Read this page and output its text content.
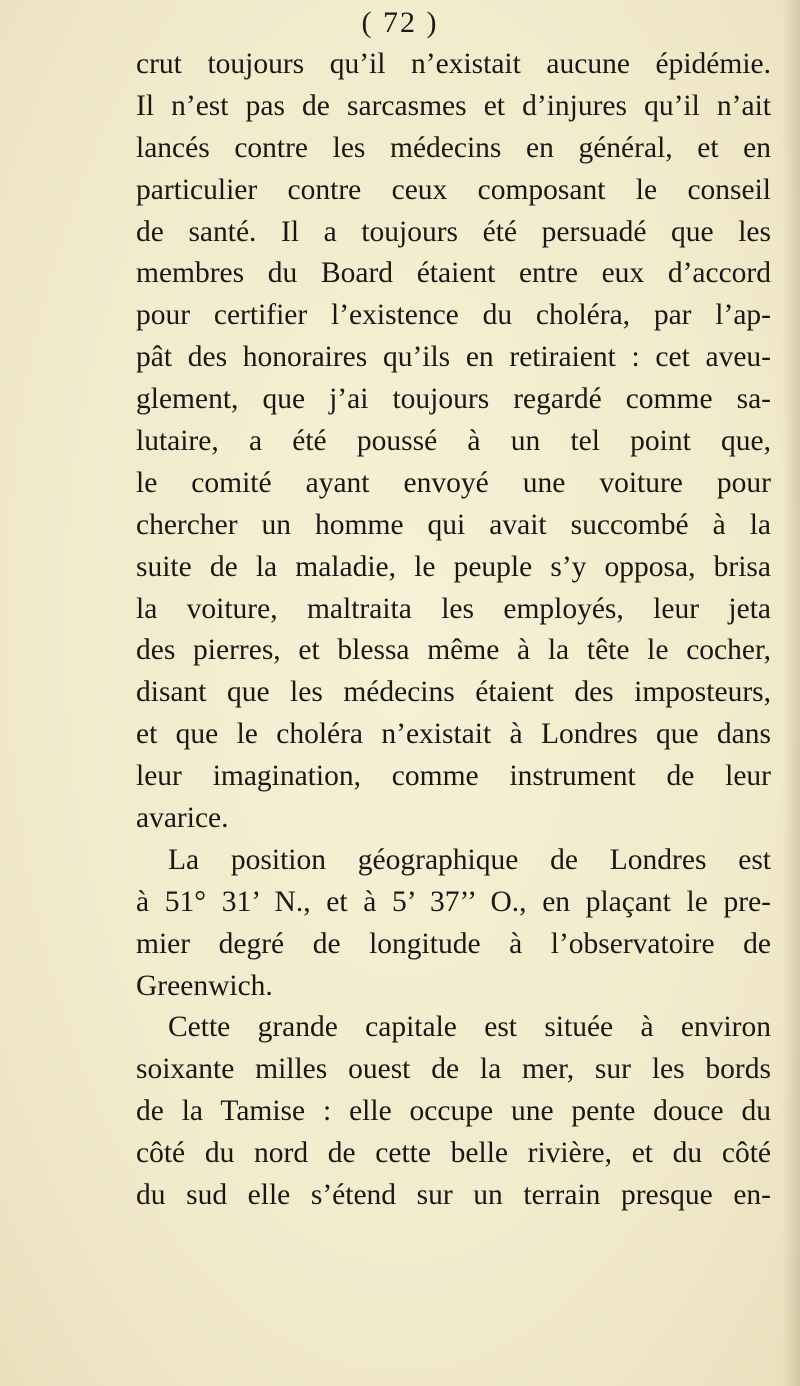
( 72 )
crut toujours qu’il n’existait aucune épidémie.
Il n’est pas de sarcasmes et d’injures qu’il n’ait
lancés contre les médecins en général, et en
particulier contre ceux composant le conseil
de santé. Il a toujours été persuadé que les
membres du Board étaient entre eux d’accord
pour certifier l’existence du choléra, par l’ap-
pât des honoraires qu’ils en retiraient : cet aveu-
glement, que j’ai toujours regardé comme sa-
lutaire, a été poussé à un tel point que,
le comité ayant envoyé une voiture pour
chercher un homme qui avait succombé à la
suite de la maladie, le peuple s’y opposa, brisa
la voiture, maltraita les employés, leur jeta
des pierres, et blessa même à la tête le cocher,
disant que les médecins étaient des imposteurs,
et que le choléra n’existait à Londres que dans
leur imagination, comme instrument de leur
avarice.
La position géographique de Londres est
à 51° 31’ N., et à 5’ 37’’ O., en plaçant le pre-
mier degré de longitude à l’observatoire de
Greenwich.
Cette grande capitale est située à environ
soixante milles ouest de la mer, sur les bords
de la Tamise : elle occupe une pente douce du
côté du nord de cette belle rivière, et du côté
du sud elle s’étend sur un terrain presque en-
